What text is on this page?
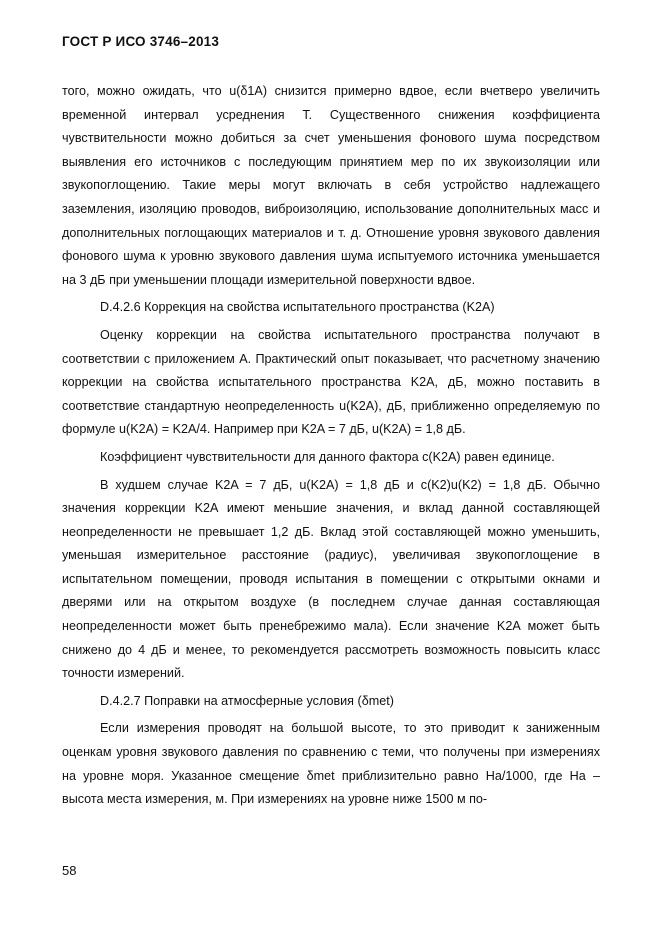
ГОСТ Р ИСО 3746–2013

того, можно ожидать, что u(δ1A) снизится примерно вдвое, если вчетверо увеличить временной интервал усреднения T. Существенного снижения коэффициента чувствительности можно добиться за счет уменьшения фонового шума посредством выявления его источников с последующим принятием мер по их звукоизоляции или звукопоглощению. Такие меры могут включать в себя устройство надлежащего заземления, изоляцию проводов, виброизоляцию, использование дополнительных масс и дополнительных поглощающих материалов и т. д. Отношение уровня звукового давления фонового шума к уровню звукового давления шума испытуемого источника уменьшается на 3 дБ при уменьшении площади измерительной поверхности вдвое.

D.4.2.6 Коррекция на свойства испытательного пространства (K2A)

Оценку коррекции на свойства испытательного пространства получают в соответствии с приложением А. Практический опыт показывает, что расчетному значению коррекции на свойства испытательного пространства K2A, дБ, можно поставить в соответствие стандартную неопределенность u(K2A), дБ, приближенно определяемую по формуле u(K2A) = K2A/4. Например при K2A = 7 дБ, u(K2A) = 1,8 дБ.

Коэффициент чувствительности для данного фактора c(K2A) равен единице.

В худшем случае K2A = 7 дБ, u(K2A) = 1,8 дБ и c(K2)u(K2) = 1,8 дБ. Обычно значения коррекции K2A имеют меньшие значения, и вклад данной составляющей неопределенности не превышает 1,2 дБ. Вклад этой составляющей можно уменьшить, уменьшая измерительное расстояние (радиус), увеличивая звукопоглощение в испытательном помещении, проводя испытания в помещении с открытыми окнами и дверями или на открытом воздухе (в последнем случае данная составляющая неопределенности может быть пренебрежимо мала). Если значение K2A может быть снижено до 4 дБ и менее, то рекомендуется рассмотреть возможность повысить класс точности измерений.

D.4.2.7 Поправки на атмосферные условия (δmet)

Если измерения проводят на большой высоте, то это приводит к заниженным оценкам уровня звукового давления по сравнению с теми, что получены при измерениях на уровне моря. Указанное смещение δmet приблизительно равно Hа/1000, где Hа – высота места измерения, м. При измерениях на уровне ниже 1500 м по-

58
